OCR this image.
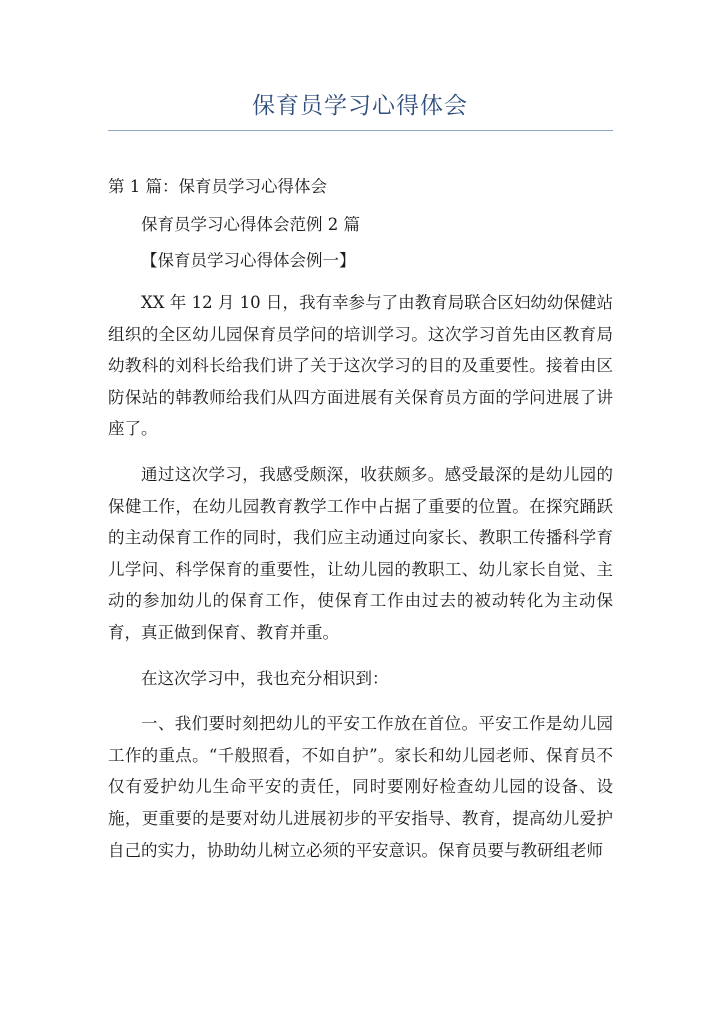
保育员学习心得体会
第 1 篇：保育员学习心得体会
保育员学习心得体会范例 2 篇
【保育员学习心得体会例一】

XX 年 12 月 10 日，我有幸参与了由教育局联合区妇幼幼保健站组织的全区幼儿园保育员学问的培训学习。这次学习首先由区教育局幼教科的刘科长给我们讲了关于这次学习的目的及重要性。接着由区防保站的韩教师给我们从四方面进展有关保育员方面的学问进展了讲座了。

通过这次学习，我感受颇深，收获颇多。感受最深的是幼儿园的保健工作，在幼儿园教育教学工作中占据了重要的位置。在探究踊跃的主动保育工作的同时，我们应主动通过向家长、教职工传播科学育儿学问、科学保育的重要性，让幼儿园的教职工、幼儿家长自觉、主动的参加幼儿的保育工作，使保育工作由过去的被动转化为主动保育，真正做到保育、教育并重。

在这次学习中，我也充分相识到：

一、我们要时刻把幼儿的平安工作放在首位。平安工作是幼儿园工作的重点。“千般照看，不如自护”。家长和幼儿园老师、保育员不仅有爱护幼儿生命平安的责任，同时要刚好检查幼儿园的设备、设施，更重要的是要对幼儿进展初步的平安指导、教育，提高幼儿爱护自己的实力，协助幼儿树立必须的平安意识。保育员要与教研组老师
